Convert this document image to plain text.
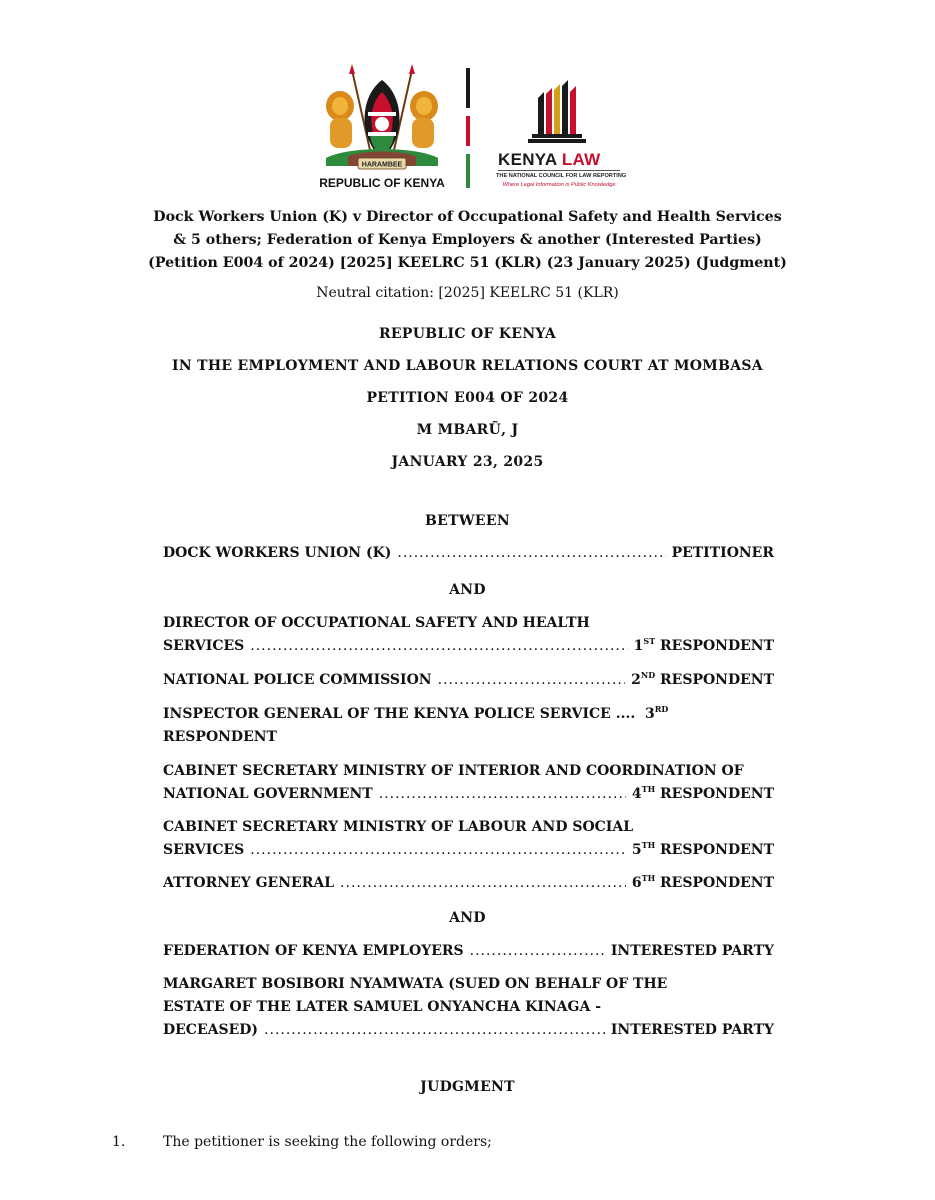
HARAMBEE
REPUBLIC OF KENYA
KENYA LAW
THE NATIONAL COUNCIL FOR LAW REPORTING
Where Legal Information is Public Knowledge
Dock Workers Union (K) v Director of Occupational Safety and Health Services
& 5 others; Federation of Kenya Employers & another (Interested Parties)
(Petition E004 of 2024) [2025] KEELRC 51 (KLR) (23 January 2025) (Judgment)
Neutral citation: [2025] KEELRC 51 (KLR)
REPUBLIC OF KENYA
IN THE EMPLOYMENT AND LABOUR RELATIONS COURT AT MOMBASA
PETITION E004 OF 2024
M MBARŨ, J
JANUARY 23, 2025
BETWEEN
DOCK WORKERS UNION (K) .....	PETITIONER
AND
DIRECTOR OF OCCUPATIONAL SAFETY AND HEALTH
SERVICES .....	1ST RESPONDENT
NATIONAL POLICE COMMISSION .....	2ND RESPONDENT
INSPECTOR GENERAL OF THE KENYA POLICE SERVICE .... 3RD
RESPONDENT
CABINET SECRETARY MINISTRY OF INTERIOR AND COORDINATION OF
NATIONAL GOVERNMENT .....	4TH RESPONDENT
CABINET SECRETARY MINISTRY OF LABOUR AND SOCIAL
SERVICES .....	5TH RESPONDENT
ATTORNEY GENERAL .....	6TH RESPONDENT
AND
FEDERATION OF KENYA EMPLOYERS .....	INTERESTED PARTY
MARGARET BOSIBORI NYAMWATA (SUED ON BEHALF OF THE
ESTATE OF THE LATER SAMUEL ONYANCHA KINAGA -
DECEASED) .....	INTERESTED PARTY
JUDGMENT
1.	The petitioner is seeking the following orders;
